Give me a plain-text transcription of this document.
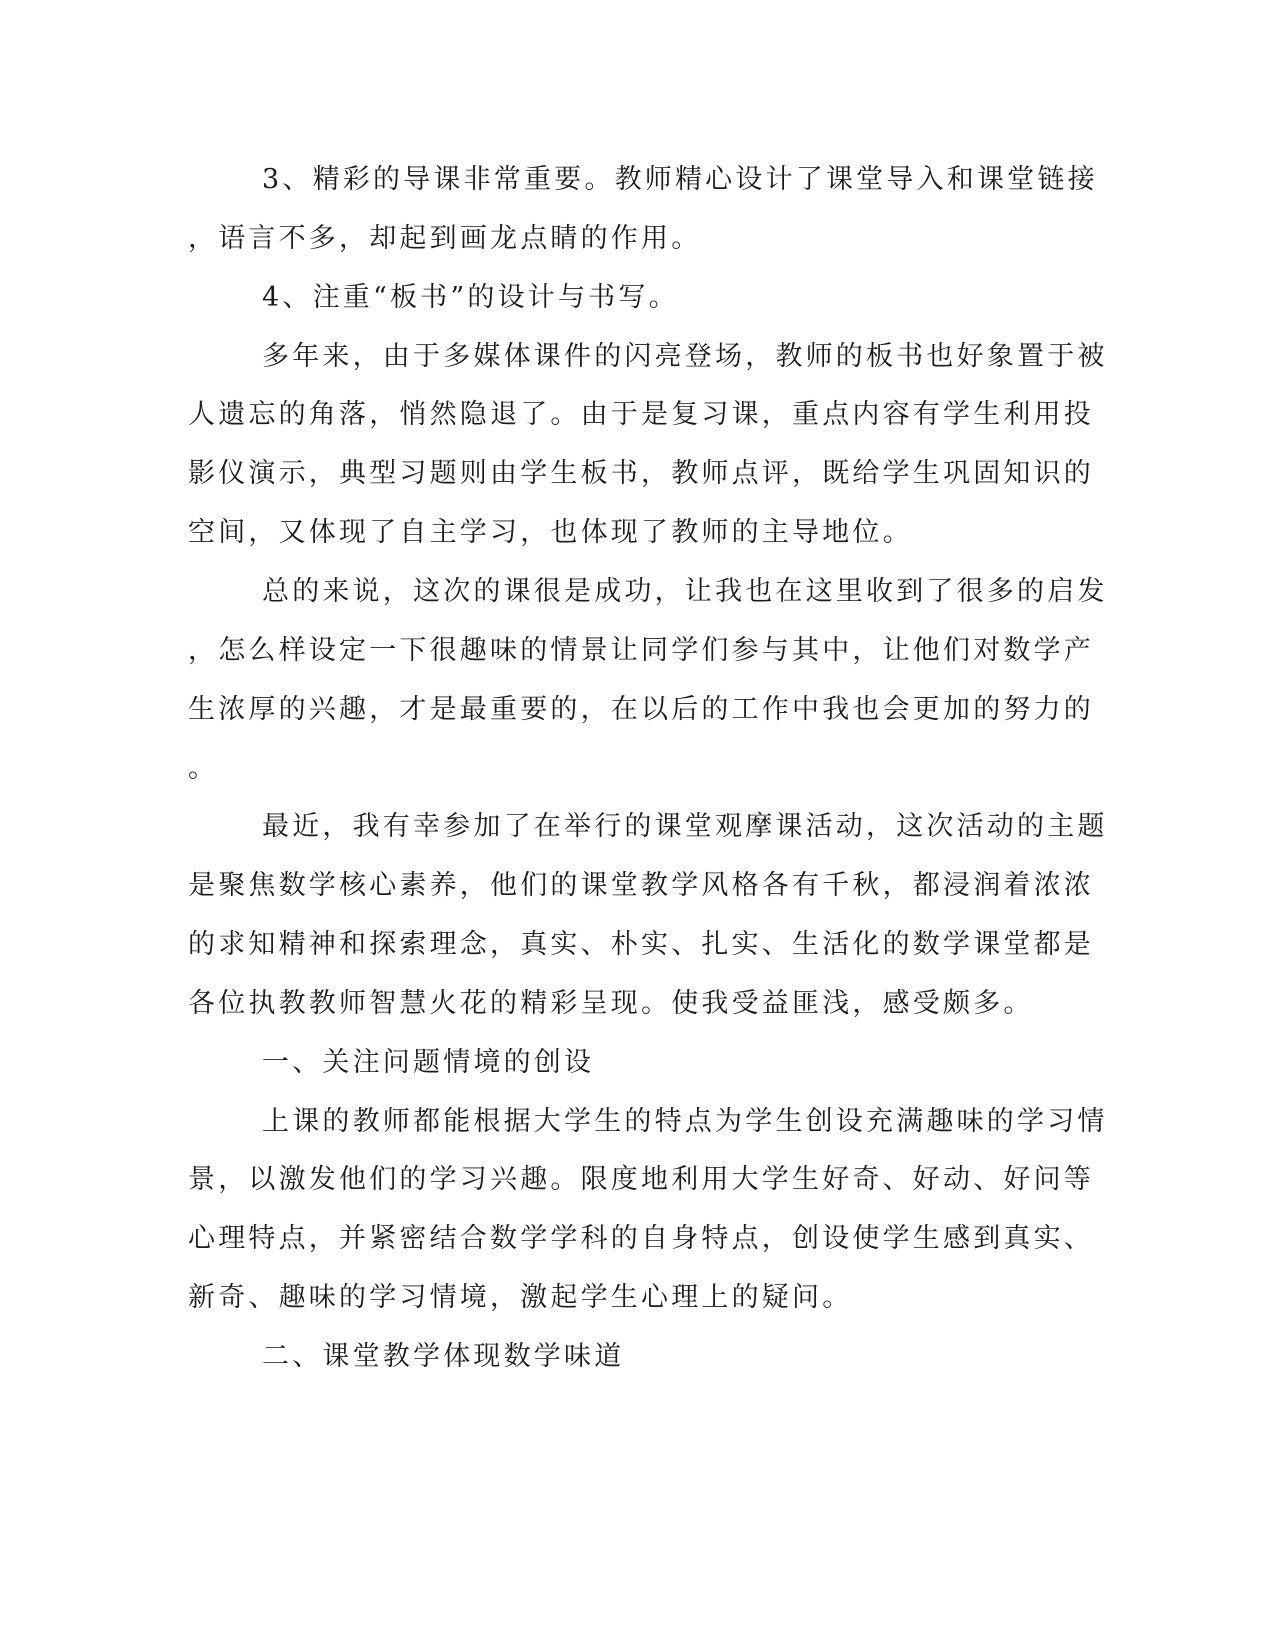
3、精彩的导课非常重要。教师精心设计了课堂导入和课堂链接
，语言不多，却起到画龙点睛的作用。
4、注重“板书”的设计与书写。
多年来，由于多媒体课件的闪亮登场，教师的板书也好象置于被
人遗忘的角落，悄然隐退了。由于是复习课，重点内容有学生利用投
影仪演示，典型习题则由学生板书，教师点评，既给学生巩固知识的
空间，又体现了自主学习，也体现了教师的主导地位。
总的来说，这次的课很是成功，让我也在这里收到了很多的启发
，怎么样设定一下很趣味的情景让同学们参与其中，让他们对数学产
生浓厚的兴趣，才是最重要的，在以后的工作中我也会更加的努力的
。
最近，我有幸参加了在举行的课堂观摩课活动，这次活动的主题
是聚焦数学核心素养，他们的课堂教学风格各有千秋，都浸润着浓浓
的求知精神和探索理念，真实、朴实、扎实、生活化的数学课堂都是
各位执教教师智慧火花的精彩呈现。使我受益匪浅，感受颇多。
一、关注问题情境的创设
上课的教师都能根据大学生的特点为学生创设充满趣味的学习情
景，以激发他们的学习兴趣。限度地利用大学生好奇、好动、好问等
心理特点，并紧密结合数学学科的自身特点，创设使学生感到真实、
新奇、趣味的学习情境，激起学生心理上的疑问。
二、课堂教学体现数学味道
